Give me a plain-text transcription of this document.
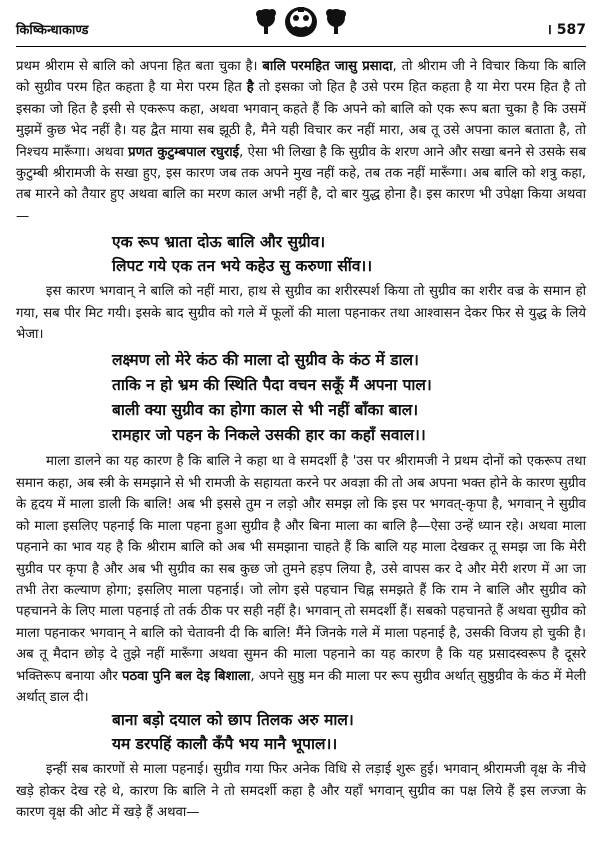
किष्किन्धाकाण्ड	। 587

प्रथम श्रीराम से बालि को अपना हित बता चुका है। बालि परमहित जासु प्रसादा, तो श्रीराम जी ने विचार किया कि बालि को सुग्रीव परम हित कहता है या मेरा परम हित है तो इसका जो हित है उसे परम हित कहता है या मेरा परम हित है तो इसका जो हित है इसी से एकरूप कहा, अथवा भगवान् कहते हैं कि अपने को बालि को एक रूप बता चुका है कि उसमें मुझमें कुछ भेद नहीं है। यह द्वैत माया सब झूठी है, मैने यही विचार कर नहीं मारा, अब तू उसे अपना काल बताता है, तो निश्चय मारूँगा। अथवा प्रणत कुटुम्बपाल रघुराई, ऐसा भी लिखा है कि सुग्रीव के शरण आने और सखा बनने से उसके सब कुटुम्बी श्रीरामजी के सखा हुए, इस कारण जब तक अपने मुख नहीं कहे, तब तक नहीं मारूँगा। अब बालि को शत्रु कहा, तब मारने को तैयार हुए अथवा बालि का मरण काल अभी नहीं है, दो बार युद्ध होना है। इस कारण भी उपेक्षा किया अथवा—

एक रूप भ्राता दोऊ बालि और सुग्रीव।

लिपट गये एक तन भये कहेउ सु करुणा सींव।।

इस कारण भगवान् ने बालि को नहीं मारा, हाथ से सुग्रीव का शरीरस्पर्श किया तो सुग्रीव का शरीर वज्र के समान हो गया, सब पीर मिट गयी। इसके बाद सुग्रीव को गले में फूलों की माला पहनाकर तथा आश्वासन देकर फिर से युद्ध के लिये भेजा।

लक्ष्मण लो मेरे कंठ की माला दो सुग्रीव के कंठ में डाल।

ताकि न हो भ्रम की स्थिति पैदा वचन सकूँ मैं अपना पाल।

बाली क्या सुग्रीव का होगा काल से भी नहीं बाँका बाल।

रामहार जो पहन के निकले उसकी हार का कहाँ सवाल।।

माला डालने का यह कारण है कि बालि ने कहा था वे समदर्शी है 'उस पर श्रीरामजी ने प्रथम दोनों को एकरूप तथा समान कहा, अब स्त्री के समझाने से भी रामजी के सहायता करने पर अवज्ञा की तो अब अपना भक्त होने के कारण सुग्रीव के हृदय में माला डाली कि बालि! अब भी इससे तुम न लड़ो और समझ लो कि इस पर भगवत्-कृपा है, भगवान् ने सुग्रीव को माला इसलिए पहनाई कि माला पहना हुआ सुग्रीव है और बिना माला का बालि है—ऐसा उन्हें ध्यान रहे। अथवा माला पहनाने का भाव यह है कि श्रीराम बालि को अब भी समझाना चाहते हैं कि बालि यह माला देखकर तू समझ जा कि मेरी सुग्रीव पर कृपा है और अब भी सुग्रीव का सब कुछ जो तुमने हड़प लिया है, उसे वापस कर दे और मेरी शरण में आ जा तभी तेरा कल्याण होगा; इसलिए माला पहनाई। जो लोग इसे पहचान चिह्न समझते हैं कि राम ने बालि और सुग्रीव को पहचानने के लिए माला पहनाई तो तर्क ठीक पर सही नहीं है। भगवान् तो समदर्शी हैं। सबको पहचानते हैं अथवा सुग्रीव को माला पहनाकर भगवान् ने बालि को चेतावनी दी कि बालि! मैंने जिनके गले में माला पहनाई है, उसकी विजय हो चुकी है। अब तू मैदान छोड़ दे तुझे नहीं मारूँगा अथवा सुमन की माला पहनाने का यह कारण है कि यह प्रसादस्वरूप है दूसरे भक्तिरूप बनाया और पठवा पुनि बल देइ बिशाला, अपने सुष्ठु मन की माला पर रूप सुग्रीव अर्थात् सुष्ठुग्रीव के कंठ में मेली अर्थात् डाल दी।

बाना बड़ो दयाल को छाप तिलक अरु माल।

यम डरपहिं कालौ कँपै भय मानै भूपाल।।

इन्हीं सब कारणों से माला पहनाई। सुग्रीव गया फिर अनेक विधि से लड़ाई शुरू हुई। भगवान् श्रीरामजी वृक्ष के नीचे खड़े होकर देख रहे थे, कारण कि बालि ने तो समदर्शी कहा है और यहाँ भगवान् सुग्रीव का पक्ष लिये हैं इस लज्जा के कारण वृक्ष की ओट में खड़े हैं अथवा—
